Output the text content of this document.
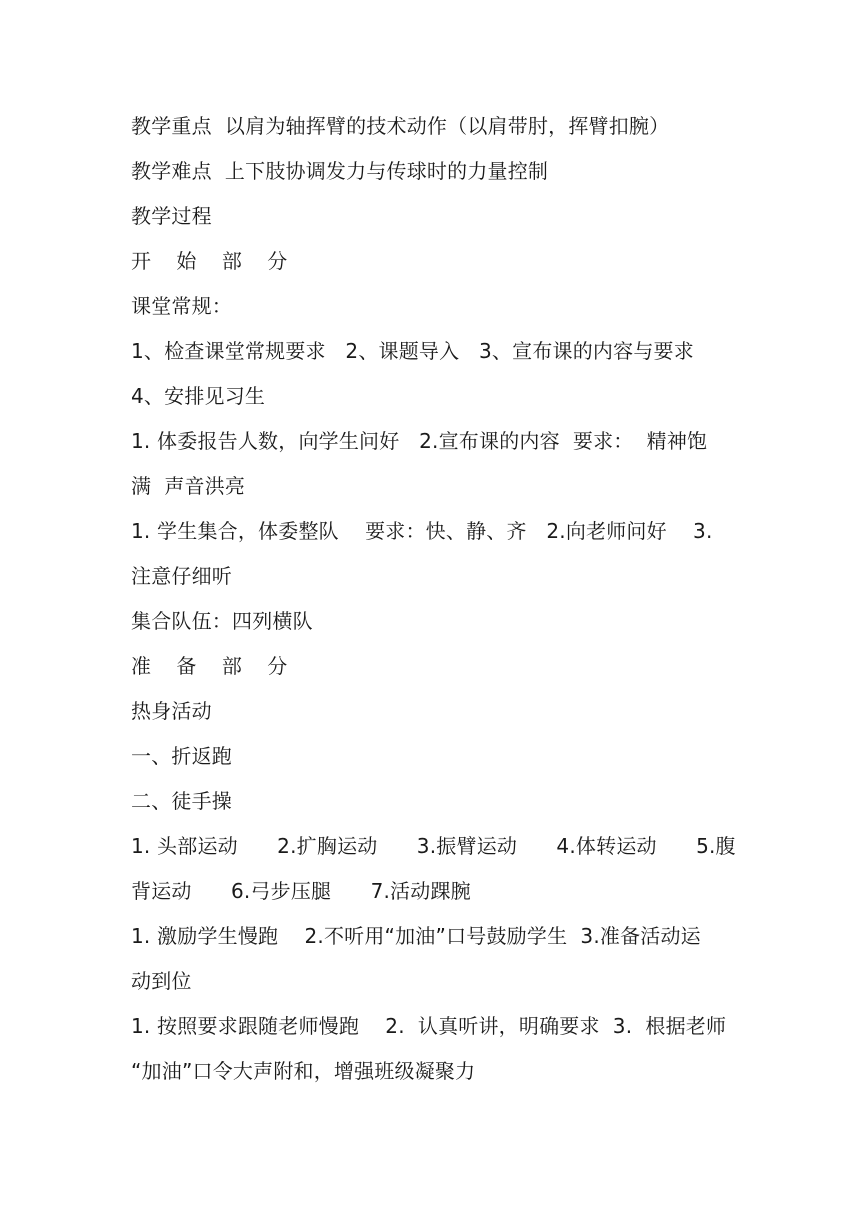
教学重点  以肩为轴挥臂的技术动作（以肩带肘，挥臂扣腕）
教学难点  上下肢协调发力与传球时的力量控制
教学过程
开    始    部    分
课堂常规：
1、检查课堂常规要求   2、课题导入   3、宣布课的内容与要求
4、安排见习生
1. 体委报告人数，向学生问好   2.宣布课的内容  要求：  精神饱
满  声音洪亮
1. 学生集合，体委整队    要求：快、静、齐   2.向老师问好    3.
注意仔细听
集合队伍：四列横队
准    备    部    分
热身活动
一、折返跑
二、徒手操
1. 头部运动      2.扩胸运动      3.振臂运动      4.体转运动      5.腹
背运动      6.弓步压腿      7.活动踝腕
1. 激励学生慢跑    2.不听用“加油”口号鼓励学生  3.准备活动运
动到位
1. 按照要求跟随老师慢跑    2.  认真听讲，明确要求  3.  根据老师
“加油”口令大声附和，增强班级凝聚力
